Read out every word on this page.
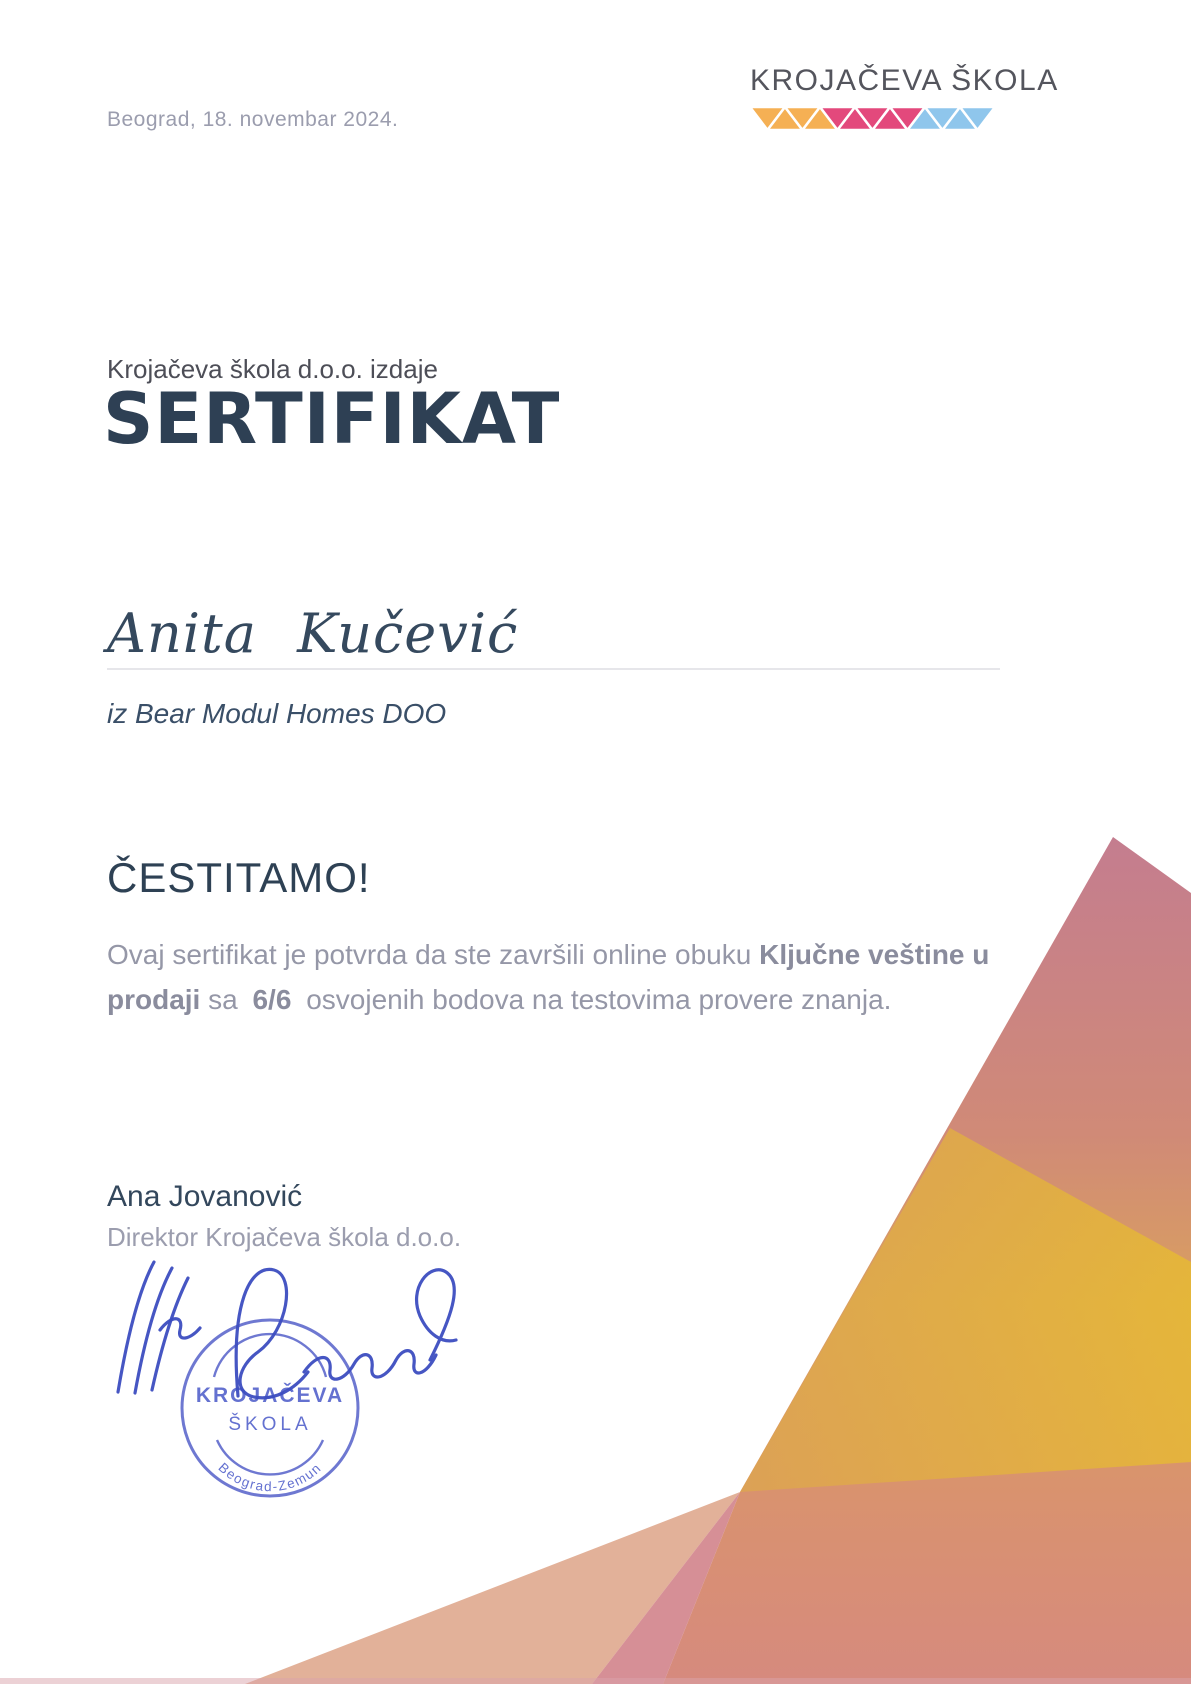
Beograd, 18. novembar 2024.
KROJAČEVA ŠKOLA
Krojačeva škola d.o.o. izdaje
SERTIFIKAT
Anita Kučević
iz Bear Modul Homes DOO
ČESTITAMO!

Ovaj sertifikat je potvrda da ste završili online obuku Ključne veštine u prodaji sa 6/6 osvojenih bodova na testovima provere znanja.

Ana Jovanović
Direktor Krojačeva škola d.o.o.
KROJAČEVA
ŠKOLA
Beograd-Zemun
